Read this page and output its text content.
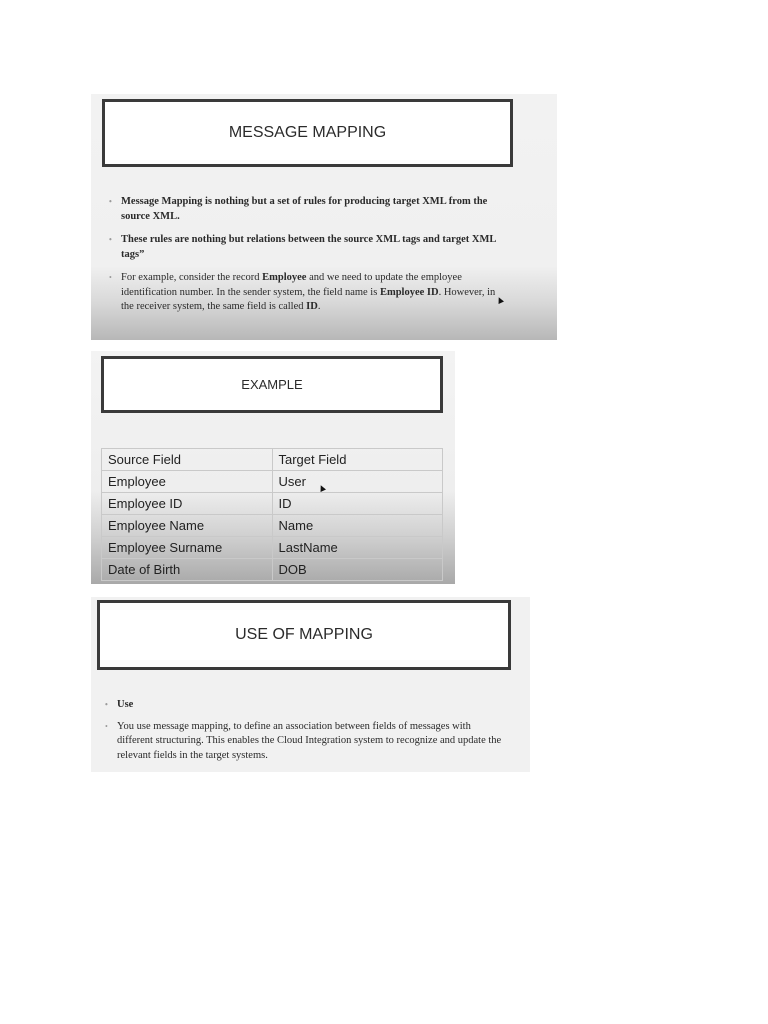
MESSAGE MAPPING
• Message Mapping is nothing but a set of rules for producing target XML from the source XML.
• These rules are nothing but relations between the source XML tags and target XML tags”
• For example, consider the record Employee and we need to update the employee identification number. In the sender system, the field name is Employee ID. However, in the receiver system, the same field is called ID.
EXAMPLE
Source Field	Target Field
Employee	User
Employee ID	ID
Employee Name	Name
Employee Surname	LastName
Date of Birth	DOB
USE OF MAPPING
• Use
• You use message mapping, to define an association between fields of messages with different structuring. This enables the Cloud Integration system to recognize and update the relevant fields in the target systems.
